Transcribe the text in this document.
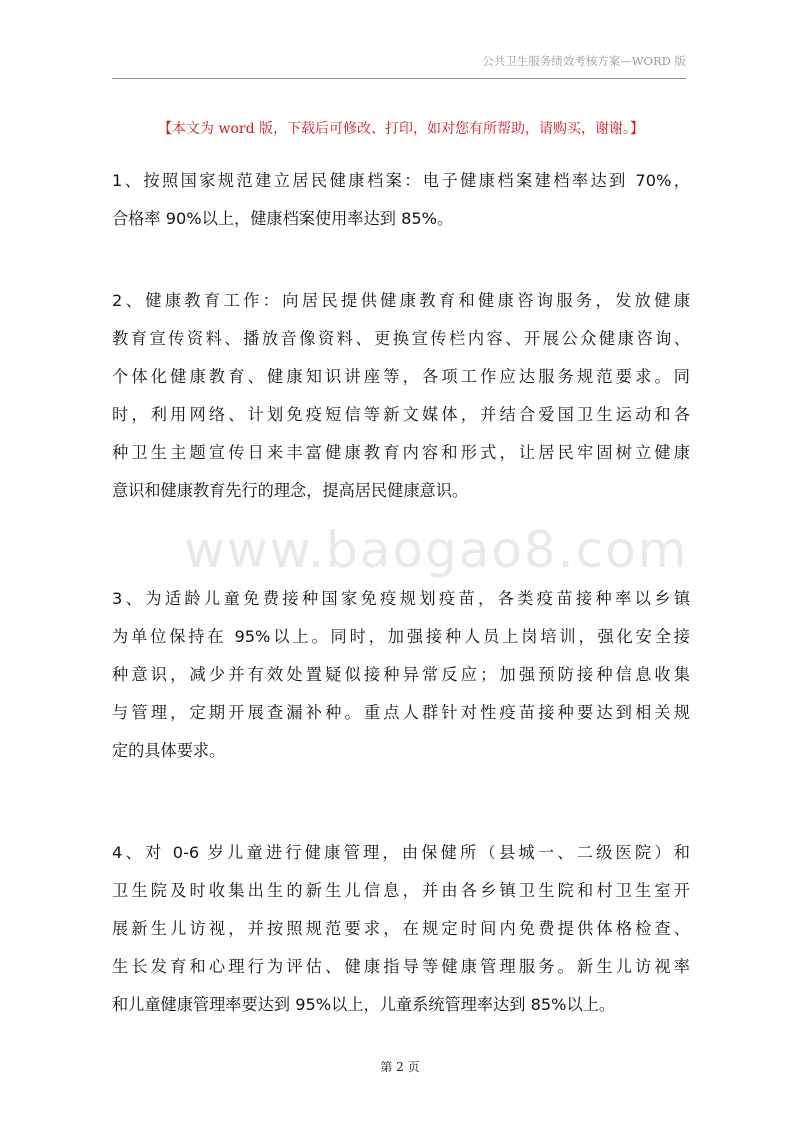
公共卫生服务绩效考核方案—WORD 版
【本文为 word 版，下载后可修改、打印，如对您有所帮助，请购买，谢谢。】
www.baogao8.com

1、按照国家规范建立居民健康档案：电子健康档案建档率达到 70%，
合格率 90%以上，健康档案使用率达到 85%。

2、健康教育工作：向居民提供健康教育和健康咨询服务，发放健康
教育宣传资料、播放音像资料、更换宣传栏内容、开展公众健康咨询、
个体化健康教育、健康知识讲座等，各项工作应达服务规范要求。同
时，利用网络、计划免疫短信等新文媒体，并结合爱国卫生运动和各
种卫生主题宣传日来丰富健康教育内容和形式，让居民牢固树立健康
意识和健康教育先行的理念，提高居民健康意识。

3、为适龄儿童免费接种国家免疫规划疫苗，各类疫苗接种率以乡镇
为单位保持在 95%以上。同时，加强接种人员上岗培训，强化安全接
种意识，减少并有效处置疑似接种异常反应；加强预防接种信息收集
与管理，定期开展查漏补种。重点人群针对性疫苗接种要达到相关规
定的具体要求。

4、对 0-6 岁儿童进行健康管理，由保健所（县城一、二级医院）和
卫生院及时收集出生的新生儿信息，并由各乡镇卫生院和村卫生室开
展新生儿访视，并按照规范要求，在规定时间内免费提供体格检查、
生长发育和心理行为评估、健康指导等健康管理服务。新生儿访视率
和儿童健康管理率要达到 95%以上，儿童系统管理率达到 85%以上。

第 2 页
